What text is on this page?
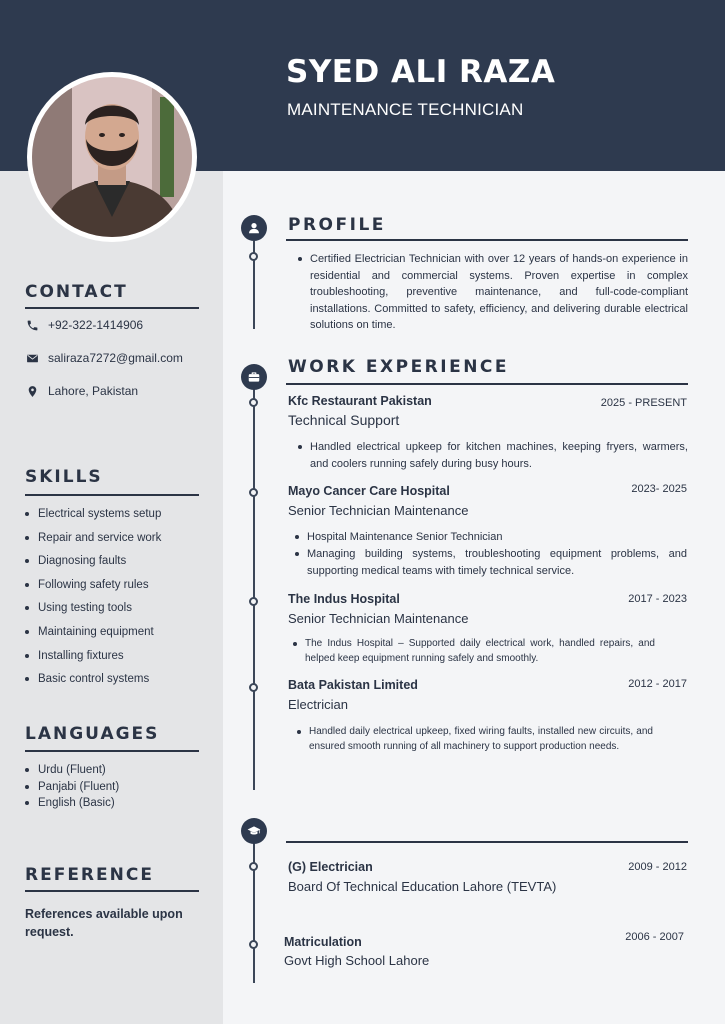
SYED ALI RAZA
MAINTENANCE TECHNICIAN
CONTACT
+92-322-1414906
saliraza7272@gmail.com
Lahore, Pakistan
SKILLS
Electrical systems setup
Repair and service work
Diagnosing faults
Following safety rules
Using testing tools
Maintaining equipment
Installing fixtures
Basic control systems
LANGUAGES
Urdu (Fluent)
Panjabi (Fluent)
English (Basic)
REFERENCE
References available upon request.
PROFILE
Certified Electrician Technician with over 12 years of hands-on experience in residential and commercial systems. Proven expertise in complex troubleshooting, preventive maintenance, and full-code-compliant installations. Committed to safety, efficiency, and delivering durable electrical solutions on time.
WORK EXPERIENCE
Kfc Restaurant Pakistan	2025 - PRESENT
Technical Support
Handled electrical upkeep for kitchen machines, keeping fryers, warmers, and coolers running safely during busy hours.
Mayo Cancer Care Hospital	2023- 2025
Senior Technician Maintenance
Hospital Maintenance Senior Technician
Managing building systems, troubleshooting equipment problems, and supporting medical teams with timely technical service.
The Indus Hospital	2017 - 2023
Senior Technician Maintenance
The Indus Hospital – Supported daily electrical work, handled repairs, and helped keep equipment running safely and smoothly.
Bata Pakistan Limited	2012 - 2017
Electrician
Handled daily electrical upkeep, fixed wiring faults, installed new circuits, and ensured smooth running of all machinery to support production needs.
(G) Electrician	2009 - 2012
Board Of Technical Education Lahore (TEVTA)
Matriculation	2006 - 2007
Govt High School Lahore
